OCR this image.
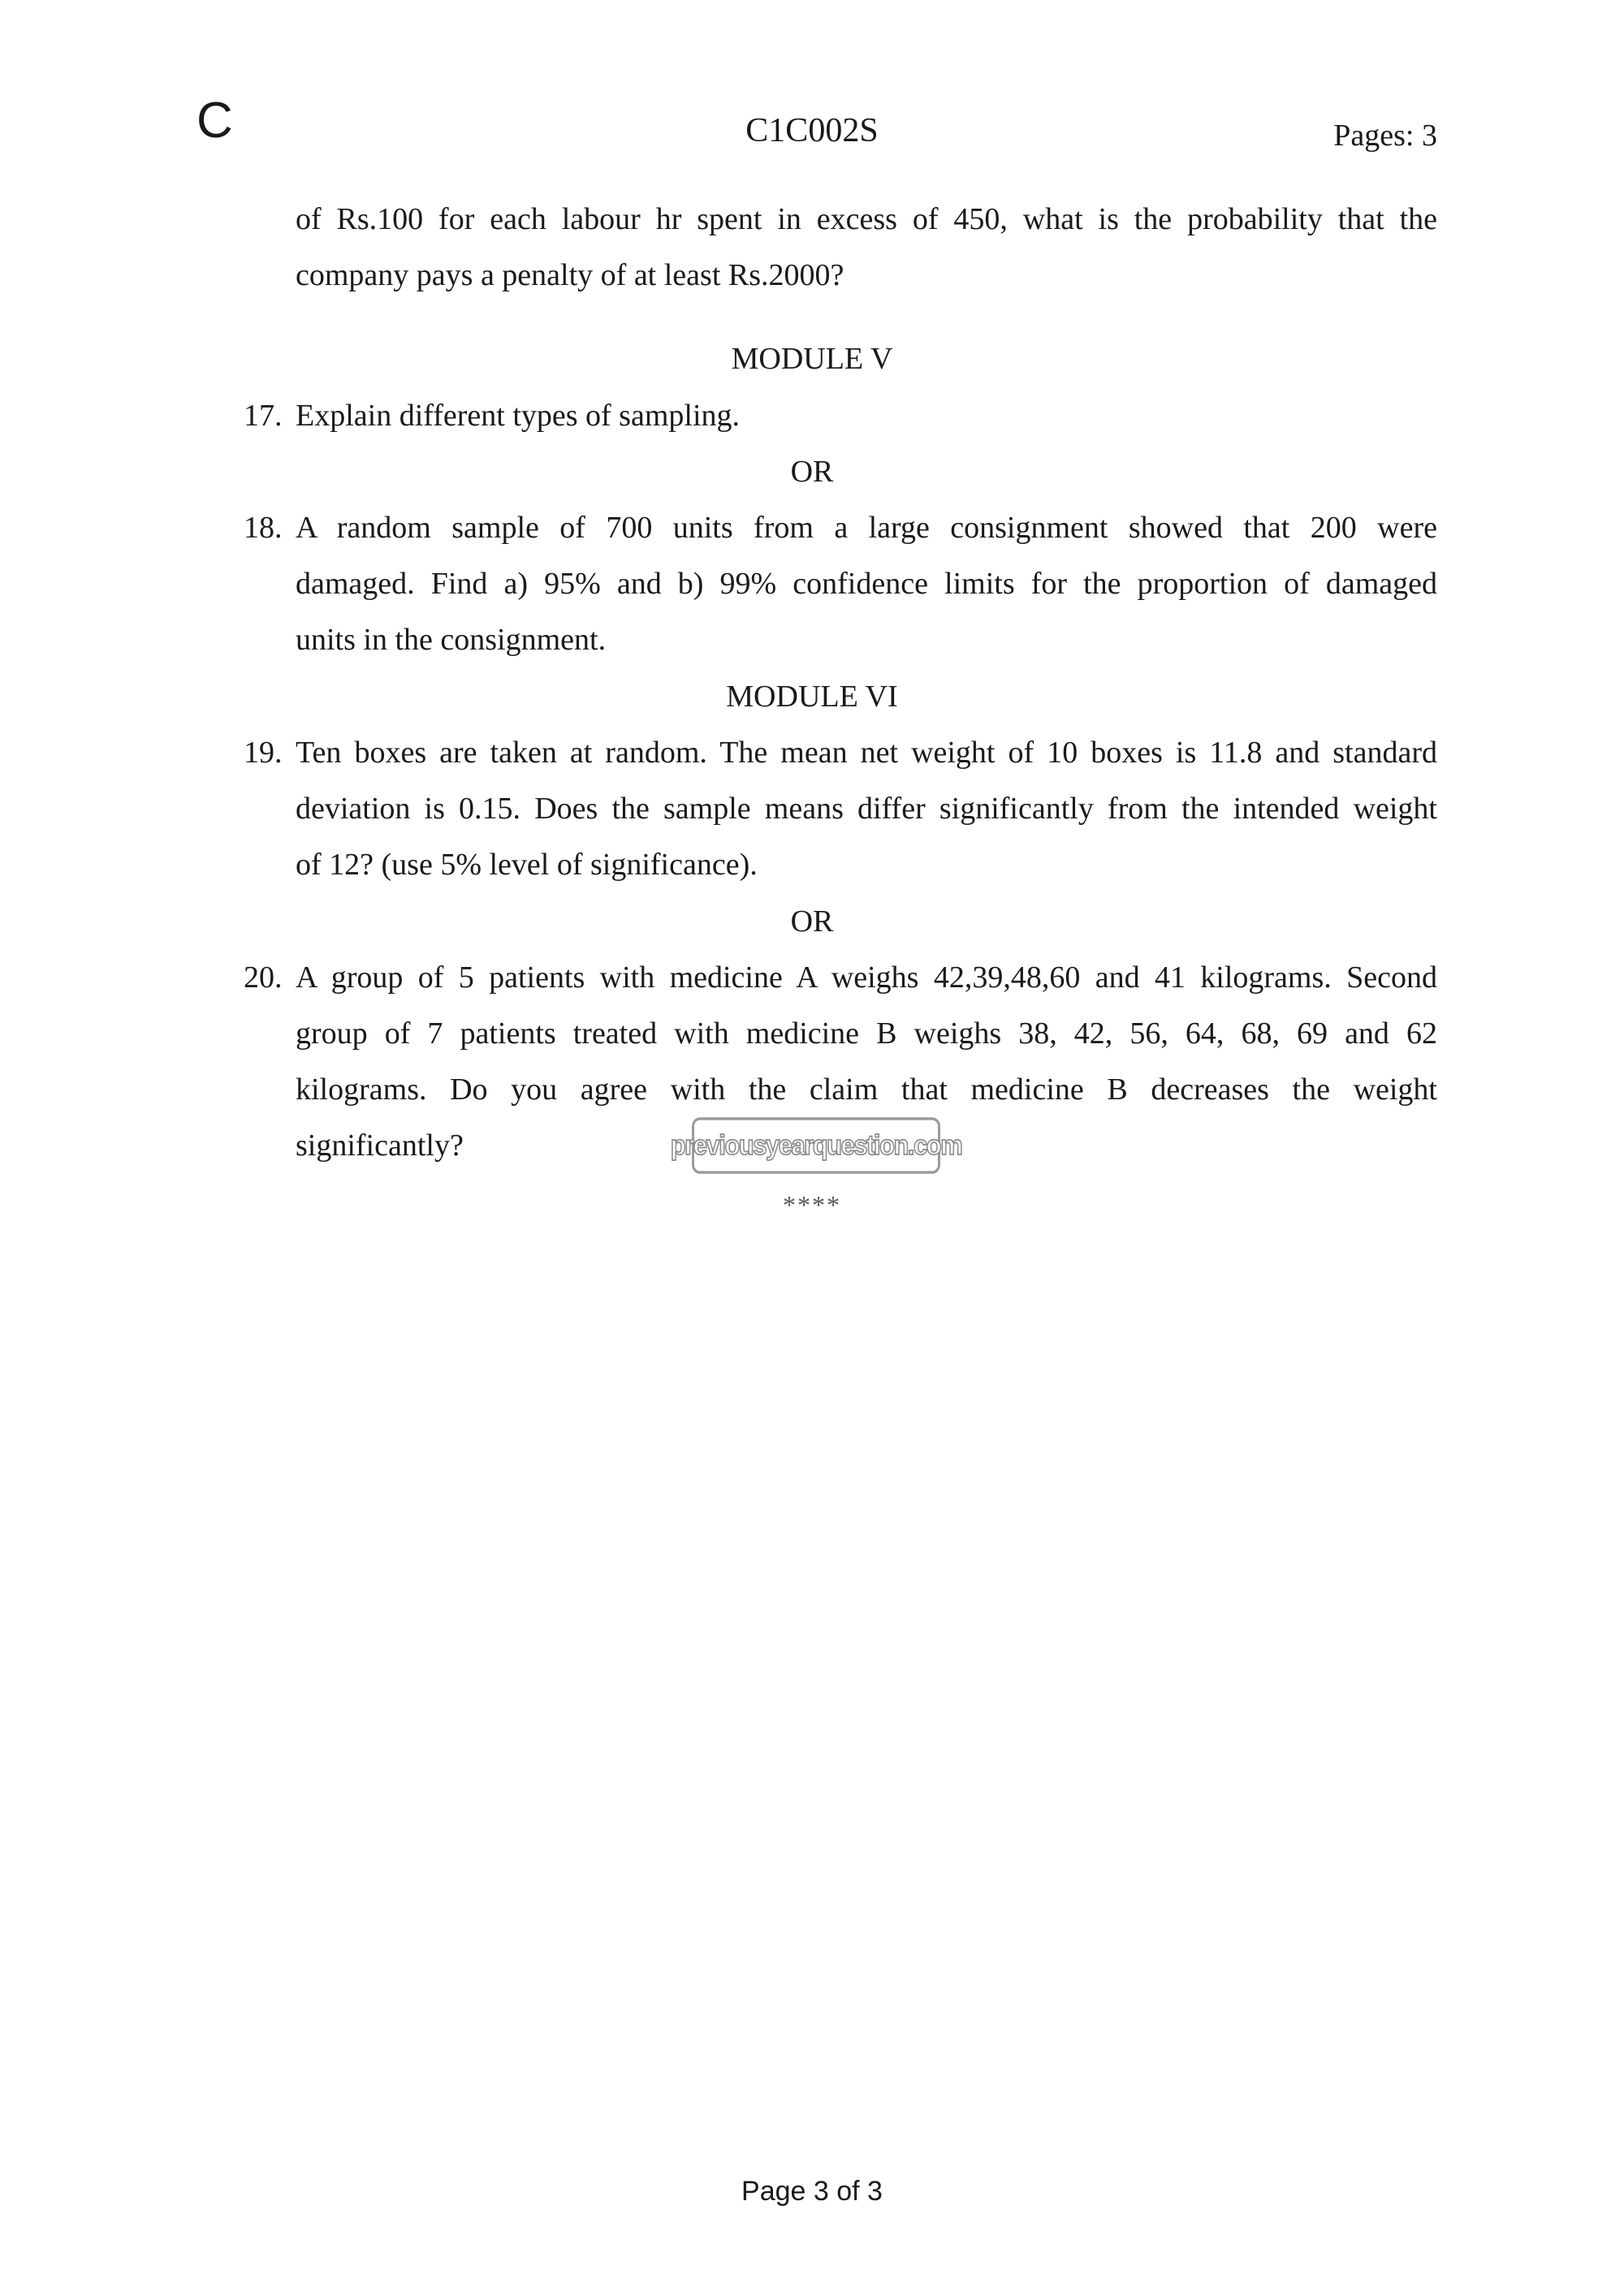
C	C1C002S	Pages: 3
of Rs.100 for each labour hr spent in excess of 450, what is the probability that the
company pays a penalty of at least Rs.2000?
MODULE V
17. Explain different types of sampling.
OR
18. A random sample of 700 units from a large consignment showed that 200 were
damaged. Find a) 95% and b) 99% confidence limits for the proportion of damaged
units in the consignment.
MODULE VI
19. Ten boxes are taken at random. The mean net weight of 10 boxes is 11.8 and standard
deviation is 0.15. Does the sample means differ significantly from the intended weight
of 12? (use 5% level of significance).
OR
20. A group of 5 patients with medicine A weighs 42,39,48,60 and 41 kilograms. Second
group of 7 patients treated with medicine B weighs 38, 42, 56, 64, 68, 69 and 62
kilograms. Do you agree with the claim that medicine B decreases the weight
significantly?	previousyearquestion.com
****
Page 3 of 3
